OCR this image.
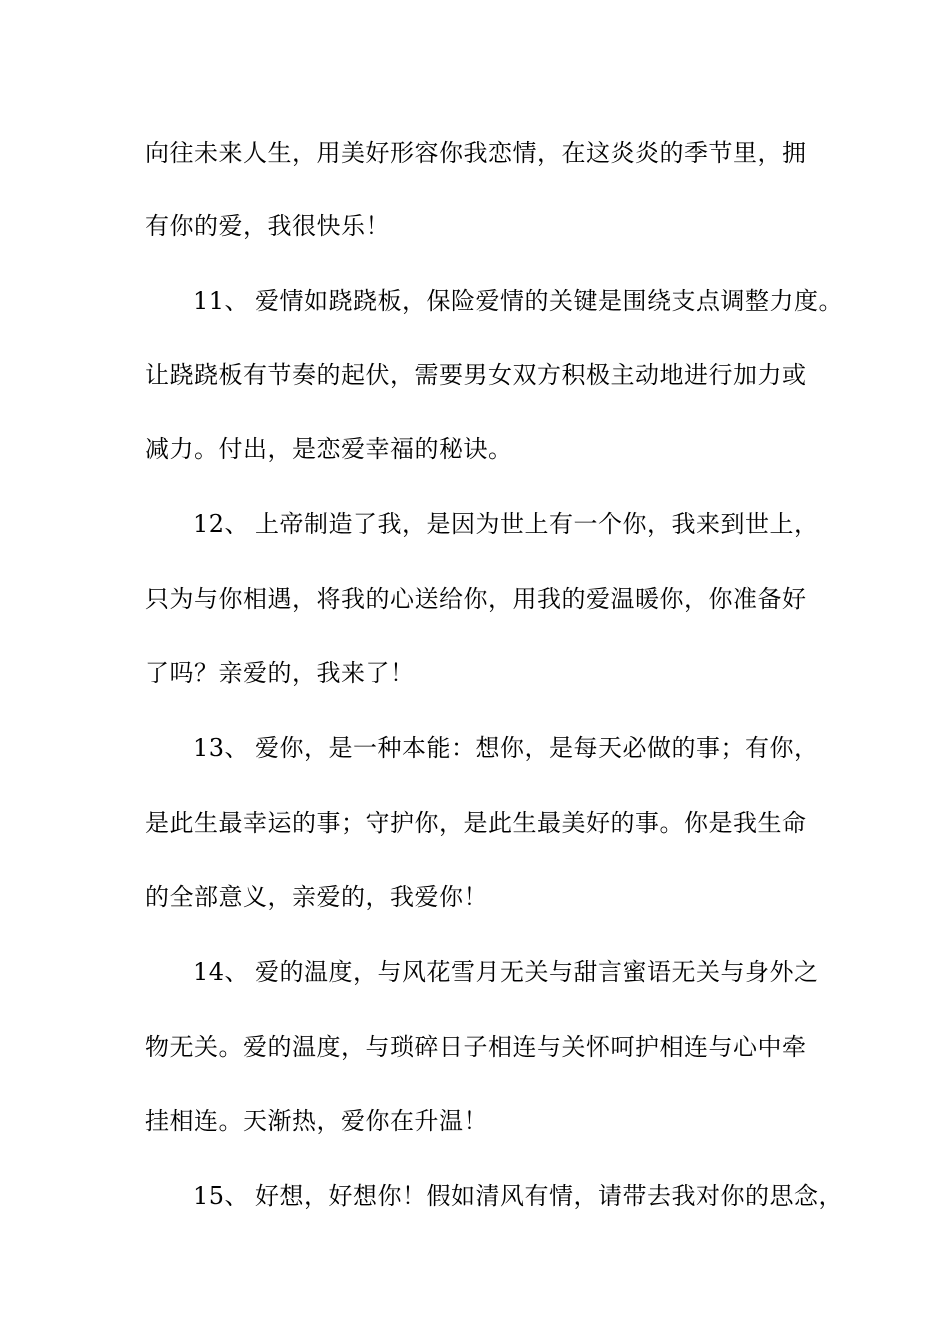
向往未来人生，用美好形容你我恋情，在这炎炎的季节里，拥
有你的爱，我很快乐！
11、 爱情如跷跷板，保险爱情的关键是围绕支点调整力度。
让跷跷板有节奏的起伏，需要男女双方积极主动地进行加力或
减力。付出，是恋爱幸福的秘诀。
12、 上帝制造了我，是因为世上有一个你，我来到世上，
只为与你相遇，将我的心送给你，用我的爱温暖你，你准备好
了吗？亲爱的，我来了！
13、 爱你，是一种本能：想你，是每天必做的事；有你，
是此生最幸运的事；守护你，是此生最美好的事。你是我生命
的全部意义，亲爱的，我爱你！
14、 爱的温度，与风花雪月无关与甜言蜜语无关与身外之
物无关。爱的温度，与琐碎日子相连与关怀呵护相连与心中牵
挂相连。天渐热，爱你在升温！
15、 好想，好想你！假如清风有情，请带去我对你的思念，
